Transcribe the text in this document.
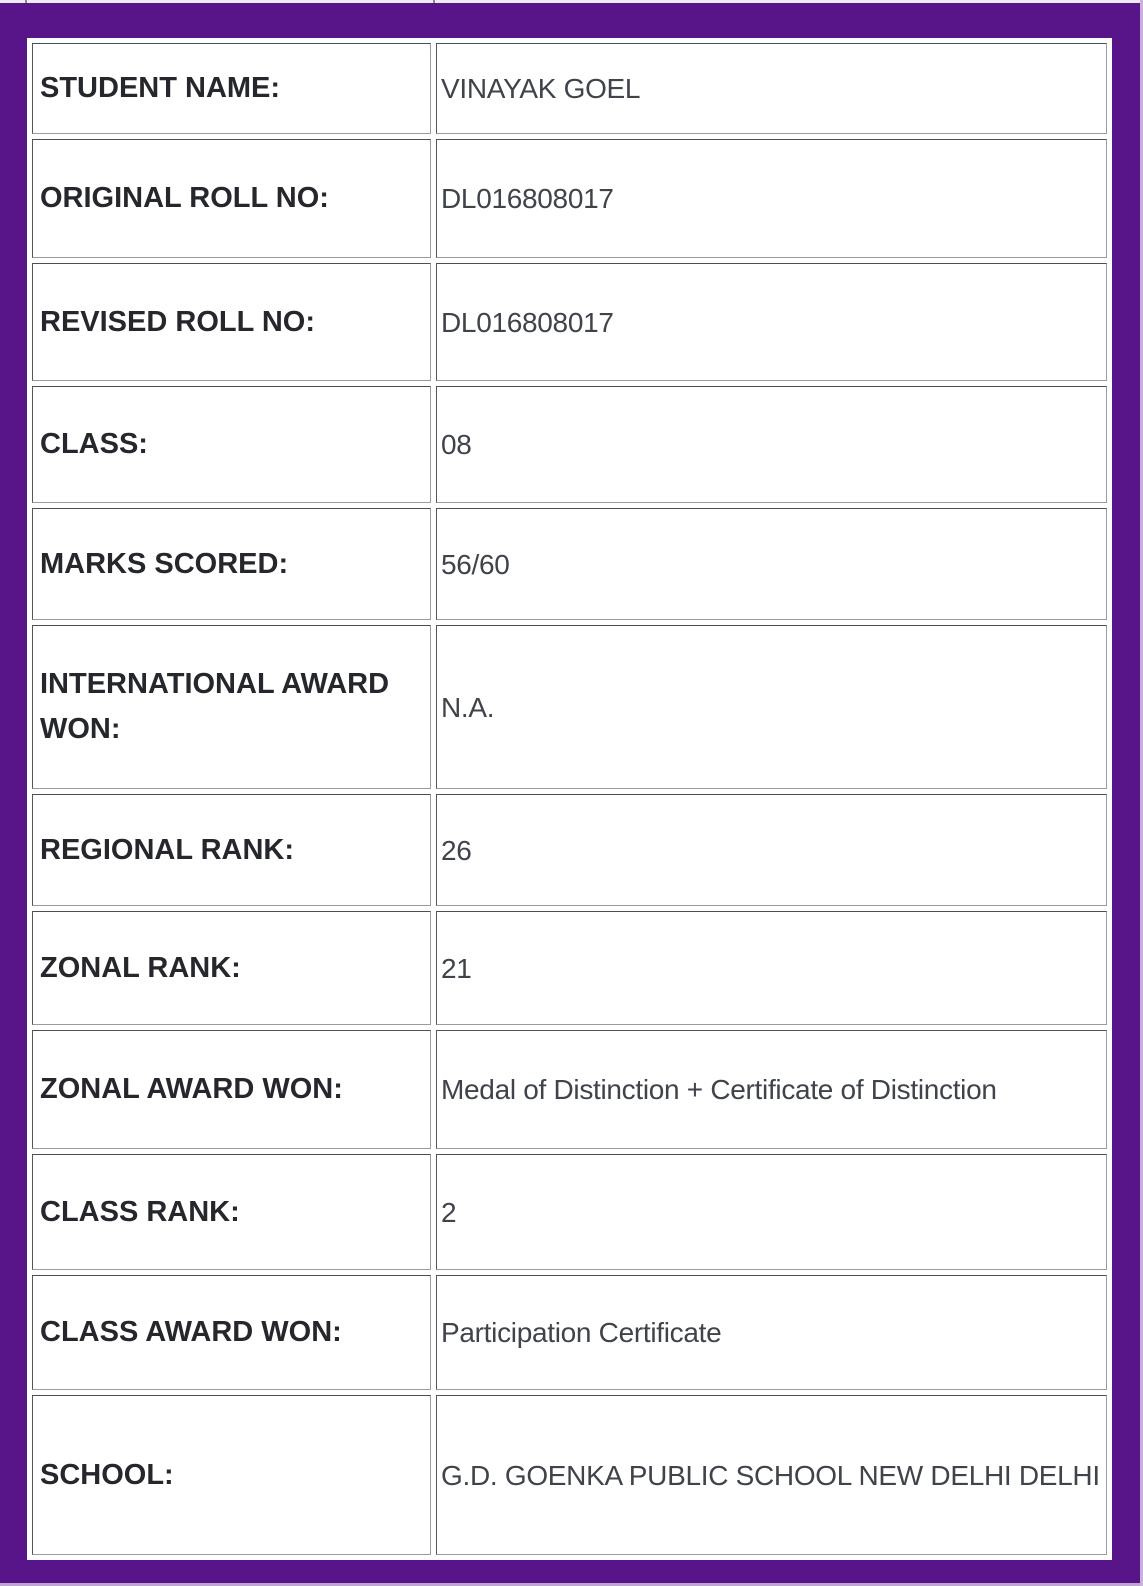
STUDENT NAME:	VINAYAK GOEL
ORIGINAL ROLL NO:	DL016808017
REVISED ROLL NO:	DL016808017
CLASS:	08
MARKS SCORED:	56/60
INTERNATIONAL AWARD WON:	N.A.
REGIONAL RANK:	26
ZONAL RANK:	21
ZONAL AWARD WON:	Medal of Distinction + Certificate of Distinction
CLASS RANK:	2
CLASS AWARD WON:	Participation Certificate
SCHOOL:	G.D. GOENKA PUBLIC SCHOOL NEW DELHI DELHI
